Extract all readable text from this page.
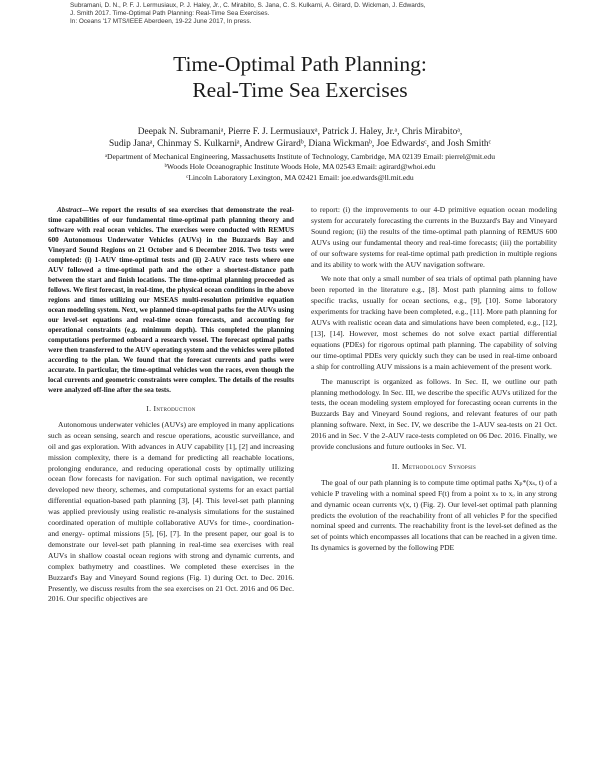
Subramani, D. N., P. F. J. Lermusiaux, P. J. Haley, Jr., C. Mirabito, S. Jana, C. S. Kulkarni, A. Girard, D. Wickman, J. Edwards,
J. Smith 2017. Time-Optimal Path Planning: Real-Time Sea Exercises.
In: Oceans '17 MTS/IEEE Aberdeen, 19-22 June 2017, In press.
Time-Optimal Path Planning:
Real-Time Sea Exercises
Deepak N. Subramaniᵃ, Pierre F. J. Lermusiauxᵃ, Patrick J. Haley, Jr.ᵃ, Chris Mirabitoᵃ,
Sudip Janaᵃ, Chinmay S. Kulkarniᵃ, Andrew Girardᵇ, Diana Wickmanᵇ, Joe Edwardsᶜ, and Josh Smithᶜ
ᵃDepartment of Mechanical Engineering, Massachusetts Institute of Technology, Cambridge, MA 02139 Email: pierrel@mit.edu
ᵇWoods Hole Oceanographic Institute Woods Hole, MA 02543 Email: agirard@whoi.edu
ᶜLincoln Laboratory Lexington, MA 02421 Email: joe.edwards@ll.mit.edu

Abstract—We report the results of sea exercises that demonstrate the real-time capabilities of our fundamental time-optimal path planning theory and software with real ocean vehicles. The exercises were conducted with REMUS 600 Autonomous Underwater Vehicles (AUVs) in the Buzzards Bay and Vineyard Sound Regions on 21 October and 6 December 2016. Two tests were completed: (i) 1-AUV time-optimal tests and (ii) 2-AUV race tests where one AUV followed a time-optimal path and the other a shortest-distance path between the start and finish locations. The time-optimal planning proceeded as follows. We first forecast, in real-time, the physical ocean conditions in the above regions and times utilizing our MSEAS multi-resolution primitive equation ocean modeling system. Next, we planned time-optimal paths for the AUVs using our level-set equations and real-time ocean forecasts, and accounting for operational constraints (e.g. minimum depth). This completed the planning computations performed onboard a research vessel. The forecast optimal paths were then transferred to the AUV operating system and the vehicles were piloted according to the plan. We found that the forecast currents and paths were accurate. In particular, the time-optimal vehicles won the races, even though the local currents and geometric constraints were complex. The details of the results were analyzed off-line after the sea tests.

I. Introduction

Autonomous underwater vehicles (AUVs) are employed in many applications such as ocean sensing, search and rescue operations, acoustic surveillance, and oil and gas exploration. With advances in AUV capability [1], [2] and increasing mission complexity, there is a demand for predicting all reachable locations, prolonging endurance, and reducing operational costs by optimally utilizing ocean flow forecasts for navigation. For such optimal navigation, we recently developed new theory, schemes, and computational systems for an exact partial differential equation-based path planning [3], [4]. This level-set path planning was applied previously using realistic re-analysis simulations for the sustained coordinated operation of multiple collaborative AUVs for time-, coordination- and energy- optimal missions [5], [6], [7]. In the present paper, our goal is to demonstrate our level-set path planning in real-time sea exercises with real AUVs in shallow coastal ocean regions with strong and dynamic currents, and complex bathymetry and coastlines. We completed these exercises in the Buzzard's Bay and Vineyard Sound regions (Fig. 1) during Oct. to Dec. 2016. Presently, we discuss results from the sea exercises on 21 Oct. 2016 and 06 Dec. 2016. Our specific objectives are

to report: (i) the improvements to our 4-D primitive equation ocean modeling system for accurately forecasting the currents in the Buzzard's Bay and Vineyard Sound region; (ii) the results of the time-optimal path planning of REMUS 600 AUVs using our fundamental theory and real-time forecasts; (iii) the portability of our software systems for real-time optimal path prediction in multiple regions and its ability to work with the AUV navigation software.

We note that only a small number of sea trials of optimal path planning have been reported in the literature e.g., [8]. Most path planning aims to follow specific tracks, usually for ocean sections, e.g., [9], [10]. Some laboratory experiments for tracking have been completed, e.g., [11]. More path planning for AUVs with realistic ocean data and simulations have been completed, e.g., [12], [13], [14]. However, most schemes do not solve exact partial differential equations (PDEs) for rigorous optimal path planning. The capability of solving our time-optimal PDEs very quickly such they can be used in real-time onboard a ship for controlling AUV missions is a main achievement of the present work.

The manuscript is organized as follows. In Sec. II, we outline our path planning methodology. In Sec. III, we describe the specific AUVs utilized for the tests, the ocean modeling system employed for forecasting ocean currents in the Buzzards Bay and Vineyard Sound regions, and relevant features of our path planning software. Next, in Sec. IV, we describe the 1-AUV sea-tests on 21 Oct. 2016 and in Sec. V the 2-AUV race-tests completed on 06 Dec. 2016. Finally, we provide conclusions and future outlooks in Sec. VI.

II. Methodology Synopsis

The goal of our path planning is to compute time optimal paths Xₚ*(xₛ, t) of a vehicle P traveling with a nominal speed F(t) from a point xₛ to xₒ in any strong and dynamic ocean currents v(x, t) (Fig. 2). Our level-set optimal path planning predicts the evolution of the reachability front of all vehicles P for the specified nominal speed and currents. The reachability front is the level-set defined as the set of points which encompasses all locations that can be reached in a given time. Its dynamics is governed by the following PDE
